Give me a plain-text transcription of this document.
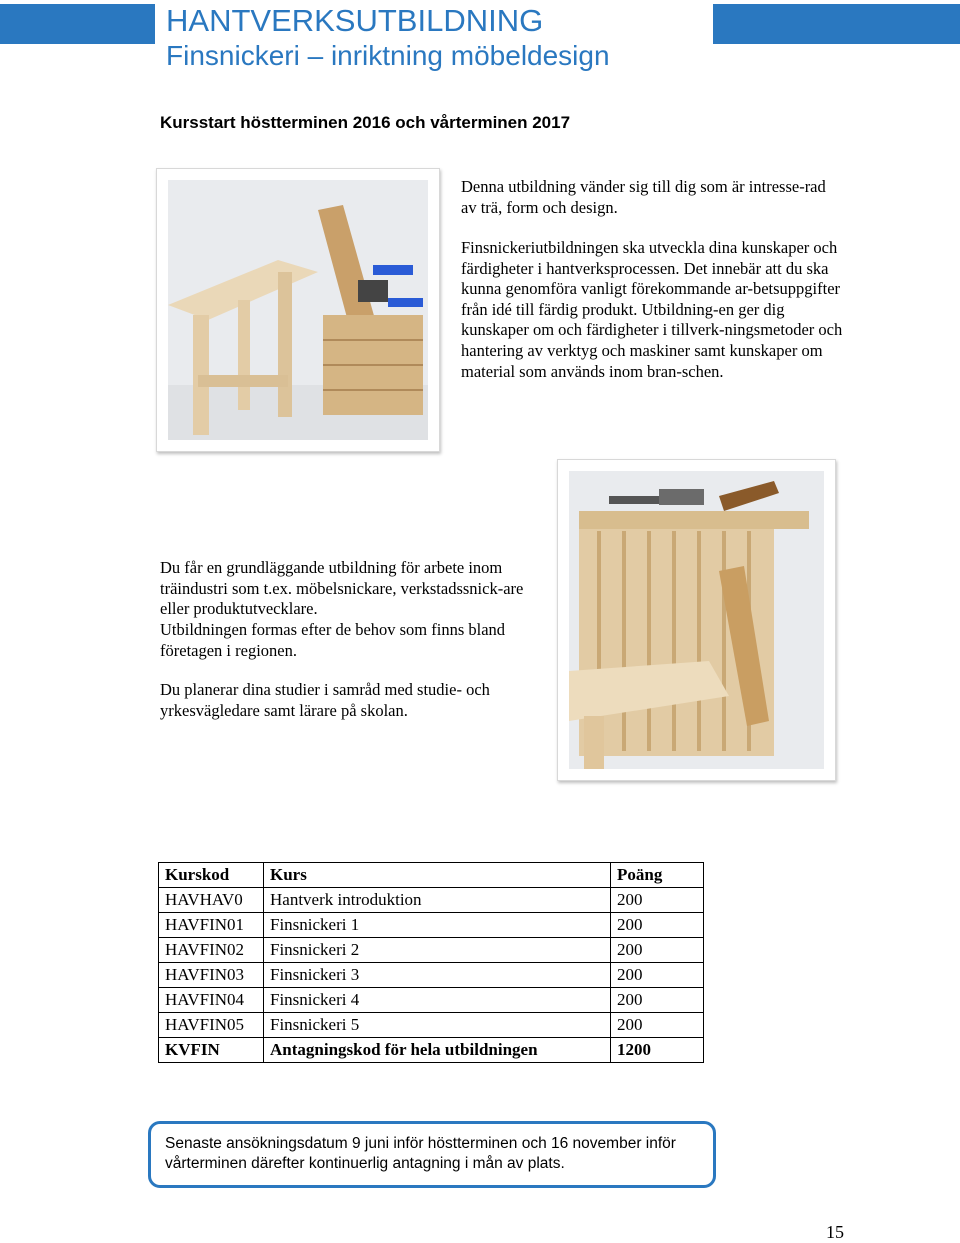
HANTVERKSUTBILDNING
Finsnickeri – inriktning möbeldesign
Kursstart höstterminen 2016 och vårterminen 2017

Denna utbildning vänder sig till dig som är intresse-rad av trä, form och design.

Finsnickeriutbildningen ska utveckla dina kunskaper och färdigheter i hantverksprocessen. Det innebär att du ska kunna genomföra vanligt förekommande ar-betsuppgifter från idé till färdig produkt. Utbildning-en ger dig kunskaper om och färdigheter i tillverk-ningsmetoder och hantering av verktyg och maskiner samt kunskaper om material som används inom bran-schen.

Du får en grundläggande utbildning för arbete inom träindustri som t.ex. möbelsnickare, verkstadssnick-are eller produktutvecklare.

Utbildningen formas efter de behov som finns bland företagen i regionen.

Du planerar dina studier i samråd med studie- och yrkesvägledare samt lärare på skolan.

Kurskod	Kurs	Poäng
HAVHAV0	Hantverk introduktion	200
HAVFIN01	Finsnickeri 1	200
HAVFIN02	Finsnickeri 2	200
HAVFIN03	Finsnickeri 3	200
HAVFIN04	Finsnickeri 4	200
HAVFIN05	Finsnickeri 5	200
KVFIN	Antagningskod för hela utbildningen	1200
Senaste ansökningsdatum 9 juni inför höstterminen och 16 november inför vårterminen därefter kontinuerlig antagning i mån av plats.
15
